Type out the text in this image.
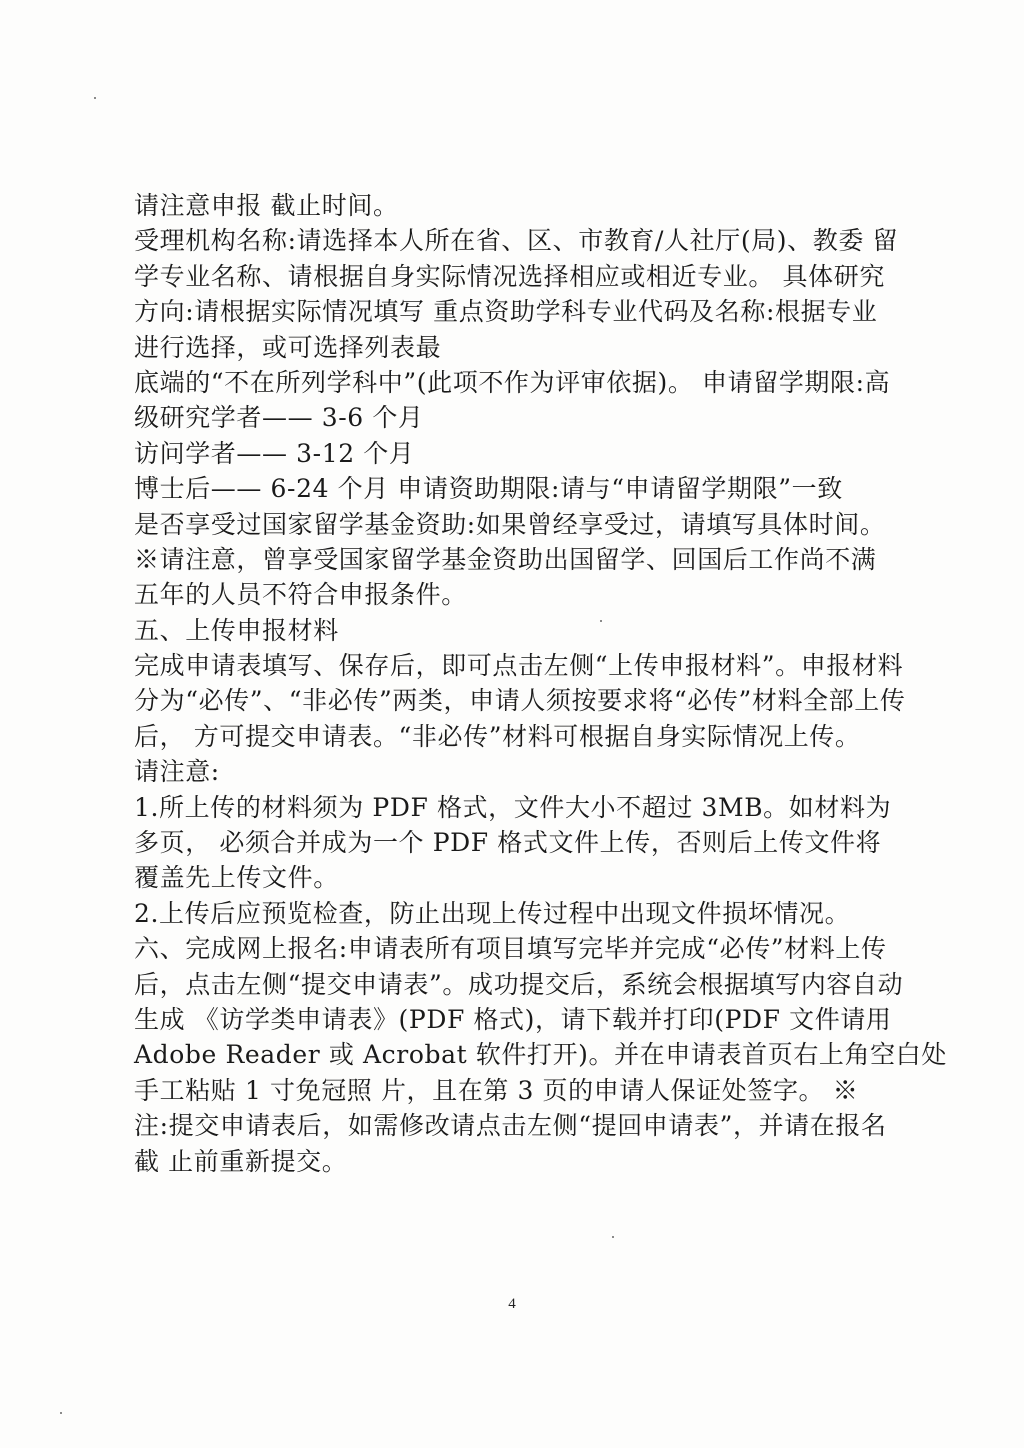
请注意申报 截止时间。
受理机构名称:请选择本人所在省、区、市教育/人社厅(局)、教委 留
学专业名称、请根据自身实际情况选择相应或相近专业。 具体研究
方向:请根据实际情况填写 重点资助学科专业代码及名称:根据专业
进行选择，或可选择列表最
底端的“不在所列学科中”(此项不作为评审依据)。 申请留学期限:高
级研究学者—— 3-6 个月
访问学者—— 3-12 个月
博士后—— 6-24 个月 申请资助期限:请与“申请留学期限”一致
是否享受过国家留学基金资助:如果曾经享受过，请填写具体时间。
※请注意，曾享受国家留学基金资助出国留学、回国后工作尚不满
五年的人员不符合申报条件。
五、上传申报材料
完成申请表填写、保存后，即可点击左侧“上传申报材料”。申报材料
分为“必传”、“非必传”两类，申请人须按要求将“必传”材料全部上传
后， 方可提交申请表。“非必传”材料可根据自身实际情况上传。
请注意:
1.所上传的材料须为 PDF 格式，文件大小不超过 3MB。如材料为
多页， 必须合并成为一个 PDF 格式文件上传，否则后上传文件将
覆盖先上传文件。
2.上传后应预览检查，防止出现上传过程中出现文件损坏情况。
六、完成网上报名:申请表所有项目填写完毕并完成“必传”材料上传
后，点击左侧“提交申请表”。成功提交后，系统会根据填写内容自动
生成 《访学类申请表》(PDF 格式)，请下载并打印(PDF 文件请用
Adobe Reader 或 Acrobat 软件打开)。并在申请表首页右上角空白处
手工粘贴 1 寸免冠照 片，且在第 3 页的申请人保证处签字。 ※
注:提交申请表后，如需修改请点击左侧“提回申请表”，并请在报名
截 止前重新提交。
4
